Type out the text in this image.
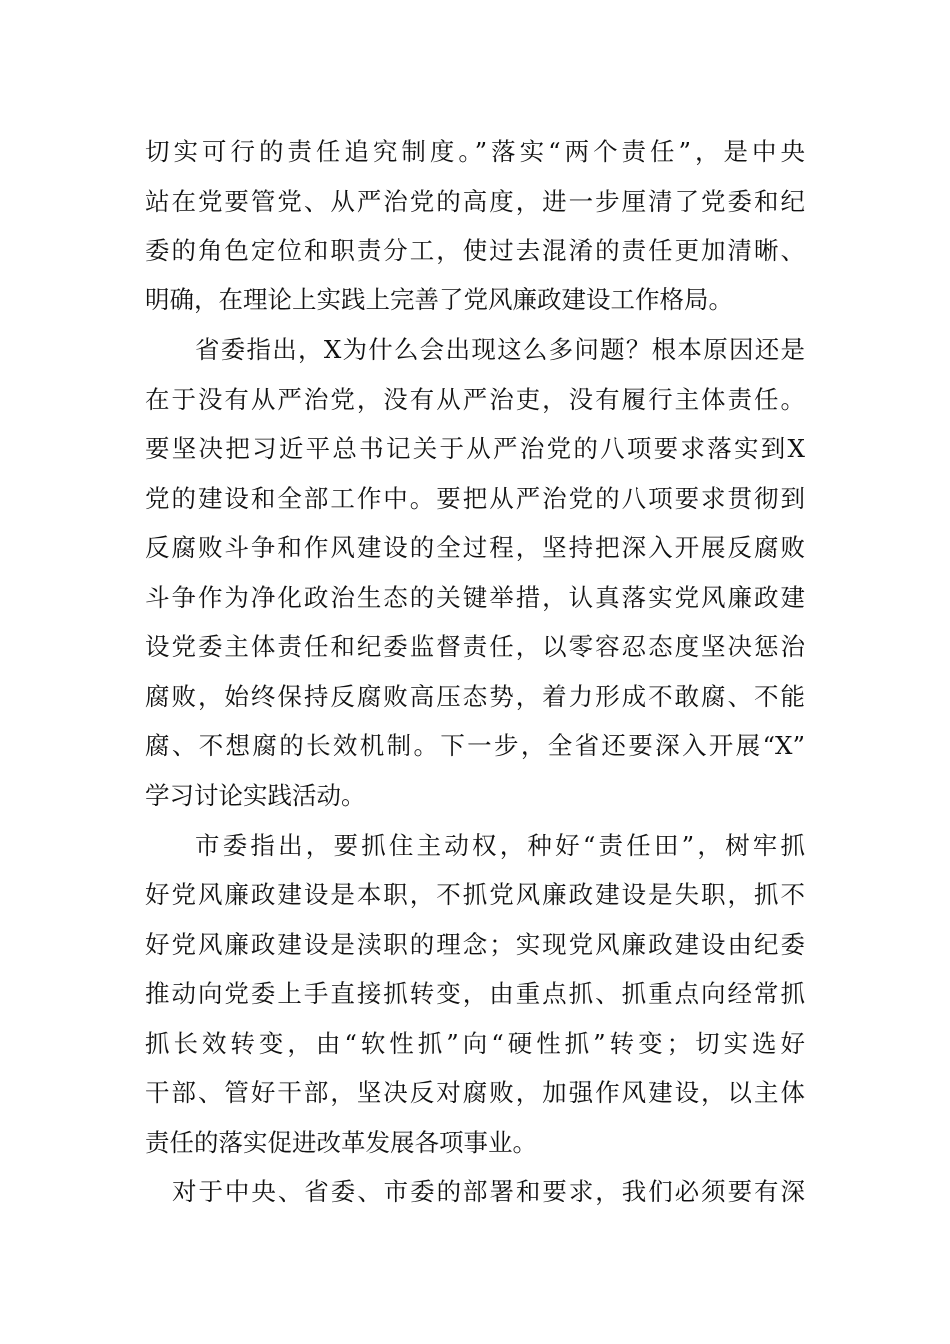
切实可行的责任追究制度。”落实“两个责任”，是中央
站在党要管党、从严治党的高度，进一步厘清了党委和纪
委的角色定位和职责分工，使过去混淆的责任更加清晰、
明确，在理论上实践上完善了党风廉政建设工作格局。
省委指出，X为什么会出现这么多问题？根本原因还是
在于没有从严治党，没有从严治吏，没有履行主体责任。
要坚决把习近平总书记关于从严治党的八项要求落实到X
党的建设和全部工作中。要把从严治党的八项要求贯彻到
反腐败斗争和作风建设的全过程，坚持把深入开展反腐败
斗争作为净化政治生态的关键举措，认真落实党风廉政建
设党委主体责任和纪委监督责任，以零容忍态度坚决惩治
腐败，始终保持反腐败高压态势，着力形成不敢腐、不能
腐、不想腐的长效机制。下一步，全省还要深入开展“X”
学习讨论实践活动。
市委指出，要抓住主动权，种好“责任田”，树牢抓
好党风廉政建设是本职，不抓党风廉政建设是失职，抓不
好党风廉政建设是渎职的理念；实现党风廉政建设由纪委
推动向党委上手直接抓转变，由重点抓、抓重点向经常抓
抓长效转变，由“软性抓”向“硬性抓”转变；切实选好
干部、管好干部，坚决反对腐败，加强作风建设，以主体
责任的落实促进改革发展各项事业。
对于中央、省委、市委的部署和要求，我们必须要有深
